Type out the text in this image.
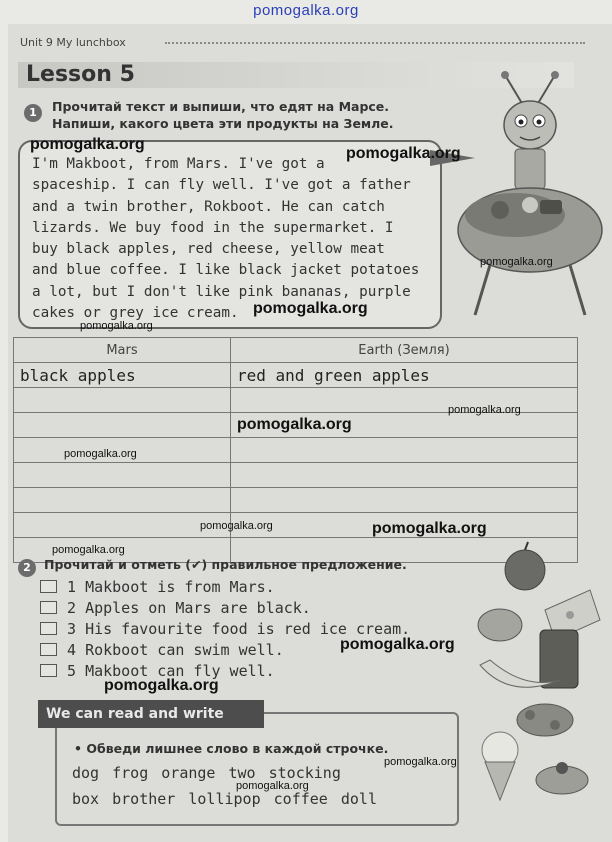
pomogalka.org
Unit 9 My lunchbox
Lesson 5
1	Прочитай текст и выпиши, что едят на Марсе.
Напиши, какого цвета эти продукты на Земле.
I'm Makboot, from Mars. I've got a
spaceship. I can fly well. I've got a father
and a twin brother, Rokboot. He can catch
lizards. We buy food in the supermarket. I
buy black apples, red cheese, yellow meat
and blue coffee. I like black jacket potatoes
a lot, but I don't like pink bananas, purple
cakes or grey ice cream.
Mars	Earth (Земля)
black apples	red and green apples

2	Прочитай и отметь (✔) правильное предложение.
1 Makboot is from Mars.
2 Apples on Mars are black.
3 His favourite food is red ice cream.
4 Rokboot can swim well.
5 Makboot can fly well.
We can read and write
• Обведи лишнее слово в каждой строчке.
dog frog orange two stocking
box brother lollipop coffee doll
pomogalka.org
pomogalka.org
pomogalka.org
pomogalka.org
pomogalka.org
pomogalka.org
pomogalka.org
pomogalka.org
pomogalka.org	pomogalka.org
pomogalka.org
pomogalka.org
pomogalka.org
pomogalka.org
pomogalka.org
